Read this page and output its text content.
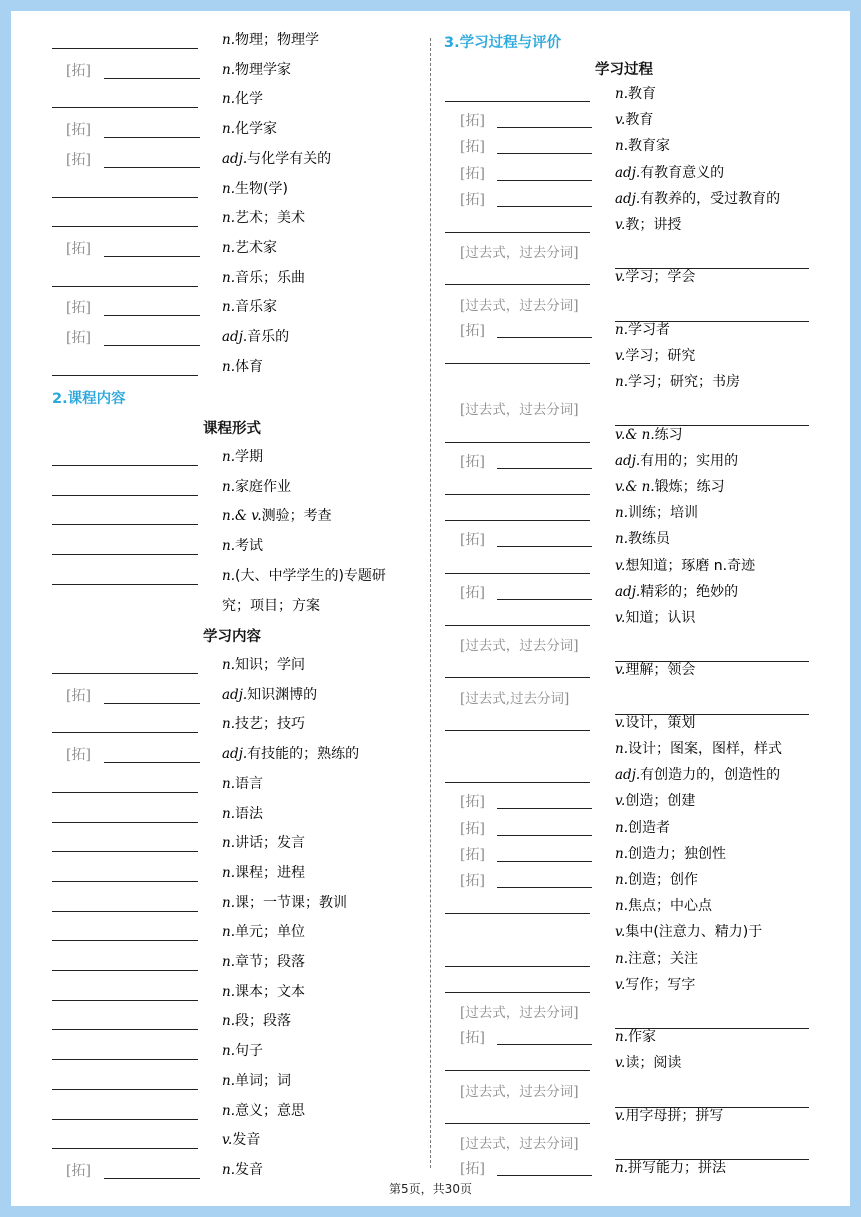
n.物理；物理学
[拓]	n.物理学家
n.化学
[拓]	n.化学家
[拓]	adj.与化学有关的
n.生物(学)
n.艺术；美术
[拓]	n.艺术家
n.音乐；乐曲
[拓]	n.音乐家
[拓]	adj.音乐的
n.体育
2.课程内容
课程形式
n.学期
n.家庭作业
n.& v.测验；考查
n.考试
n.(大、中学学生的)专题研
究；项目；方案
学习内容
n.知识；学问
[拓]	adj.知识渊博的
n.技艺；技巧
[拓]	adj.有技能的；熟练的
n.语言
n.语法
n.讲话；发言
n.课程；进程
n.课；一节课；教训
n.单元；单位
n.章节；段落
n.课本；文本
n.段；段落
n.句子
n.单词；词
n.意义；意思
v.发音
[拓]	n.发音
3.学习过程与评价
学习过程
n.教育
[拓]	v.教育
[拓]	n.教育家
[拓]	adj.有教育意义的
[拓]	adj.有教养的，受过教育的
v.教；讲授
[过去式，过去分词]
v.学习；学会
[过去式，过去分词]
[拓]	n.学习者
v.学习；研究
n.学习；研究；书房
[过去式，过去分词]
v.& n.练习
[拓]	adj.有用的；实用的
v.& n.锻炼；练习
n.训练；培训
[拓]	n.教练员
v.想知道；琢磨 n.奇迹
[拓]	adj.精彩的；绝妙的
v.知道；认识
[过去式，过去分词]
v.理解；领会
[过去式,过去分词]
v.设计，策划
n.设计；图案，图样，样式
adj.有创造力的，创造性的
[拓]	v.创造；创建
[拓]	n.创造者
[拓]	n.创造力；独创性
[拓]	n.创造；创作
n.焦点；中心点
v.集中(注意力、精力)于
n.注意；关注
v.写作；写字
[过去式，过去分词]
[拓]	n.作家
v.读；阅读
[过去式，过去分词]
v.用字母拼；拼写
[过去式，过去分词]
[拓]	n.拼写能力；拼法
第5页，共30页
